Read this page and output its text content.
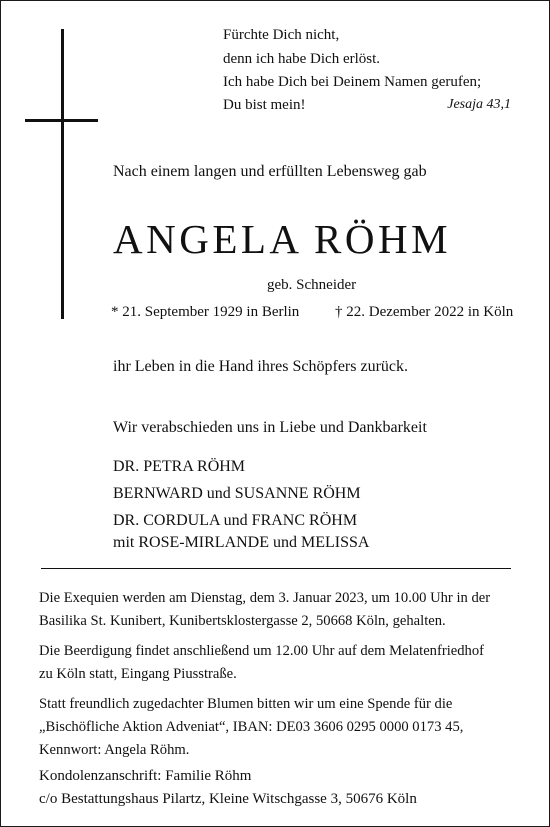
Fürchte Dich nicht,
denn ich habe Dich erlöst.
Ich habe Dich bei Deinem Namen gerufen;
Du bist mein!	Jesaja 43,1
Nach einem langen und erfüllten Lebensweg gab
ANGELA RÖHM
geb. Schneider
* 21. September 1929 in Berlin † 22. Dezember 2022 in Köln
ihr Leben in die Hand ihres Schöpfers zurück.
Wir verabschieden uns in Liebe und Dankbarkeit
DR. PETRA RÖHM
BERNWARD und SUSANNE RÖHM
DR. CORDULA und FRANC RÖHM
mit ROSE-MIRLANDE und MELISSA

Die Exequien werden am Dienstag, dem 3. Januar 2023, um 10.00 Uhr in der

Basilika St. Kunibert, Kunibertsklostergasse 2, 50668 Köln, gehalten.

Die Beerdigung findet anschließend um 12.00 Uhr auf dem Melatenfriedhof

zu Köln statt, Eingang Piusstraße.

Statt freundlich zugedachter Blumen bitten wir um eine Spende für die

„Bischöfliche Aktion Adveniat“, IBAN: DE03 3606 0295 0000 0173 45,

Kennwort: Angela Röhm.

Kondolenzanschrift: Familie Röhm
c/o Bestattungshaus Pilartz, Kleine Witschgasse 3, 50676 Köln
